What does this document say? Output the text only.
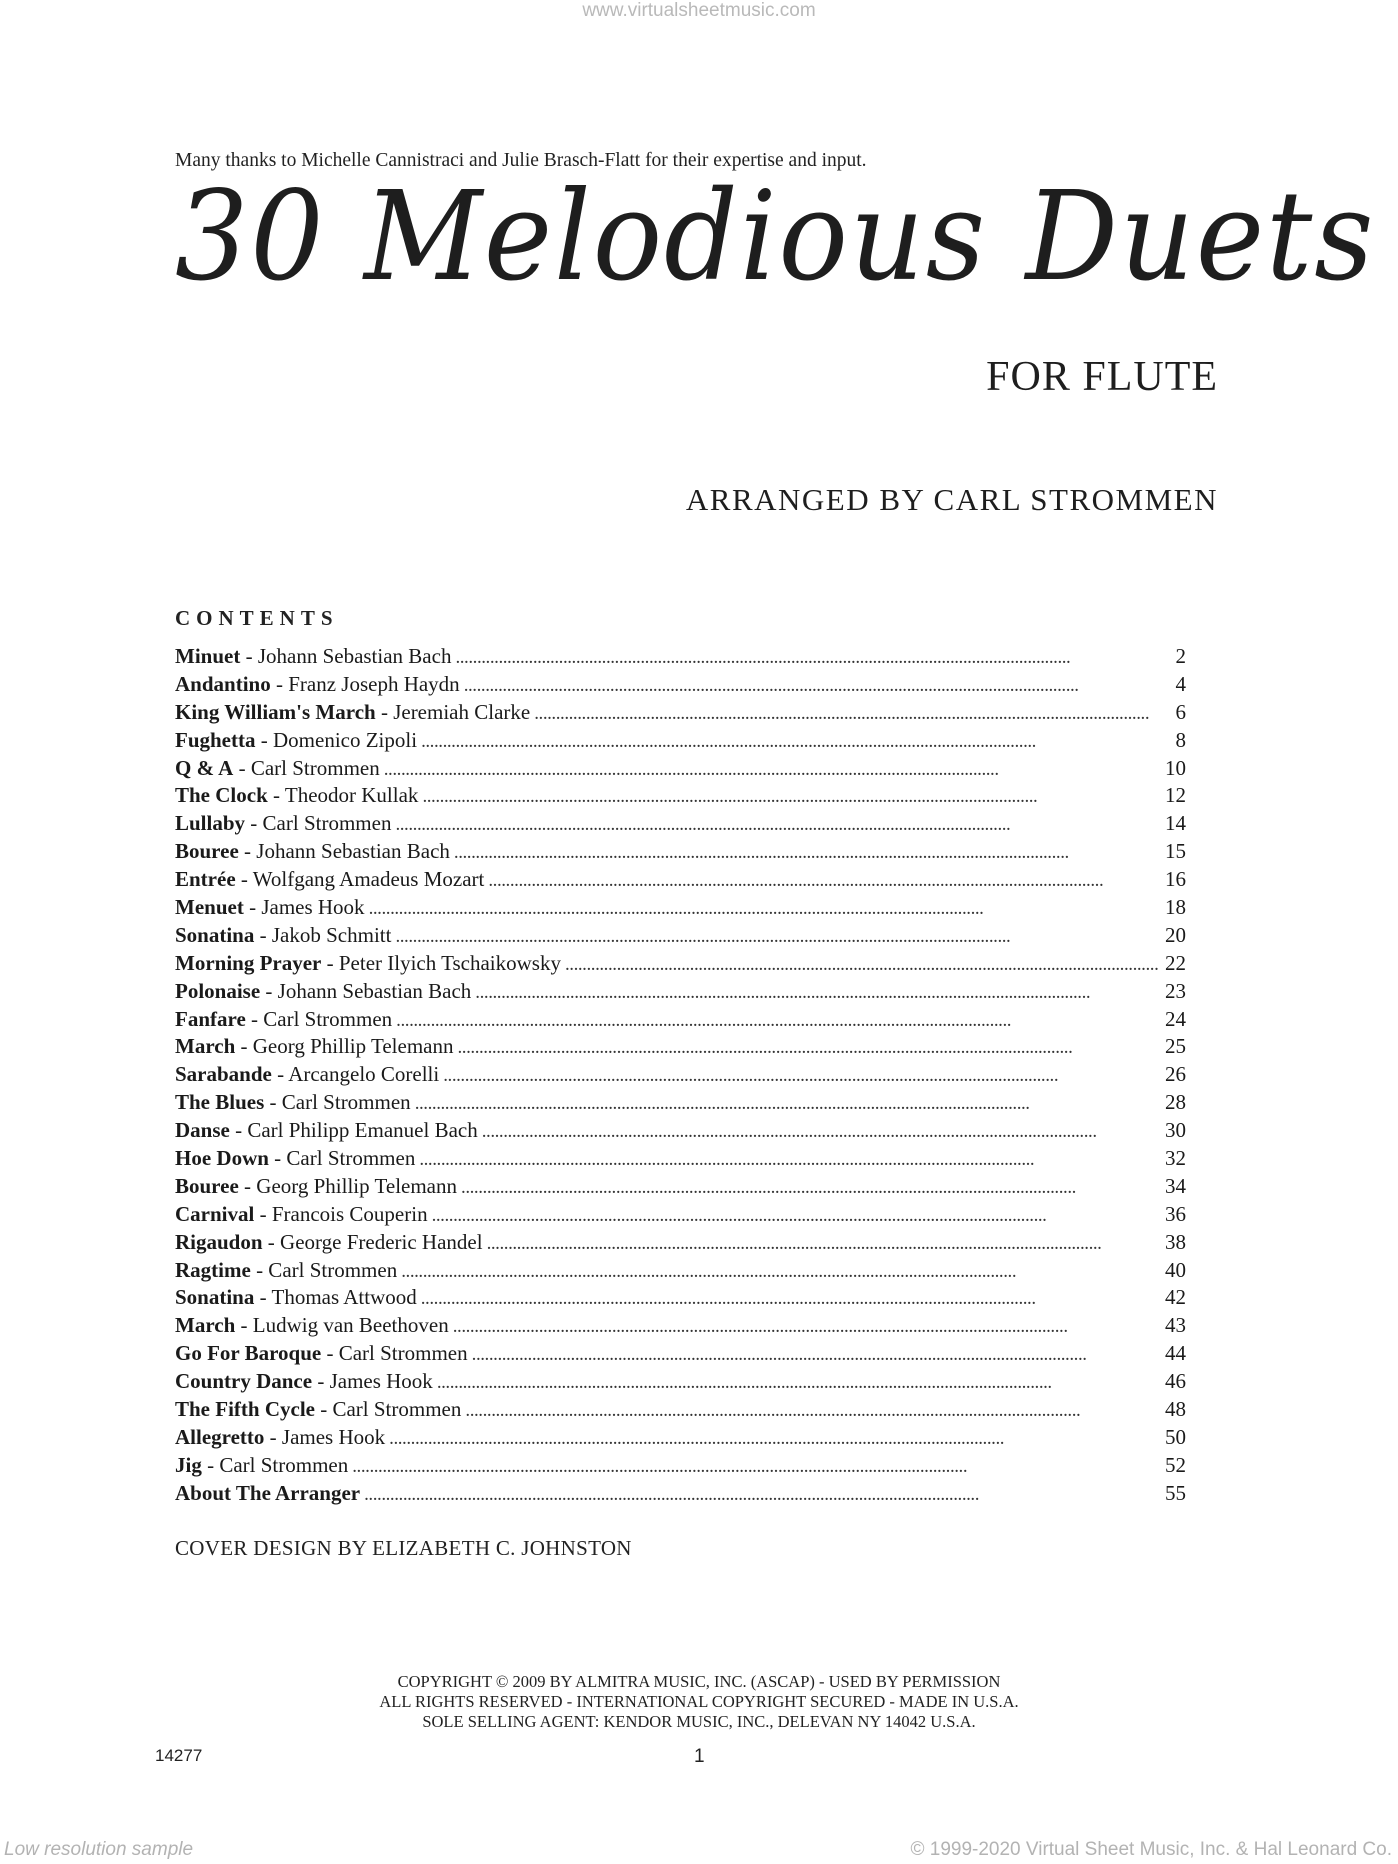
www.virtualsheetmusic.com
Many thanks to Michelle Cannistraci and Julie Brasch-Flatt for their expertise and input.
30 Melodious Duets
FOR FLUTE
ARRANGED BY CARL STROMMEN
CONTENTS
Minuet - Johann Sebastian Bach . . .	2
Andantino - Franz Joseph Haydn . . .	4
King William's March - Jeremiah Clarke . . .	6
Fughetta - Domenico Zipoli . . .	8
Q & A - Carl Strommen . . .	10
The Clock - Theodor Kullak . . .	12
Lullaby - Carl Strommen . . .	14
Bouree - Johann Sebastian Bach . . .	15
Entrée - Wolfgang Amadeus Mozart . . .	16
Menuet - James Hook . . .	18
Sonatina - Jakob Schmitt . . .	20
Morning Prayer - Peter Ilyich Tschaikowsky . . .	22
Polonaise - Johann Sebastian Bach . . .	23
Fanfare - Carl Strommen . . .	24
March - Georg Phillip Telemann . . .	25
Sarabande - Arcangelo Corelli . . .	26
The Blues - Carl Strommen . . .	28
Danse - Carl Philipp Emanuel Bach . . .	30
Hoe Down - Carl Strommen . . .	32
Bouree - Georg Phillip Telemann . . .	34
Carnival - Francois Couperin . . .	36
Rigaudon - George Frederic Handel . . .	38
Ragtime - Carl Strommen . . .	40
Sonatina - Thomas Attwood . . .	42
March - Ludwig van Beethoven . . .	43
Go For Baroque - Carl Strommen . . .	44
Country Dance - James Hook . . .	46
The Fifth Cycle - Carl Strommen . . .	48
Allegretto - James Hook . . .	50
Jig - Carl Strommen . . .	52
About The Arranger . . .	55
COVER DESIGN BY ELIZABETH C. JOHNSTON
COPYRIGHT © 2009 BY ALMITRA MUSIC, INC. (ASCAP) - USED BY PERMISSION
ALL RIGHTS RESERVED - INTERNATIONAL COPYRIGHT SECURED - MADE IN U.S.A.
SOLE SELLING AGENT: KENDOR MUSIC, INC., DELEVAN NY 14042 U.S.A.
14277	1
Low resolution sample	© 1999-2020 Virtual Sheet Music, Inc. & Hal Leonard Co.
